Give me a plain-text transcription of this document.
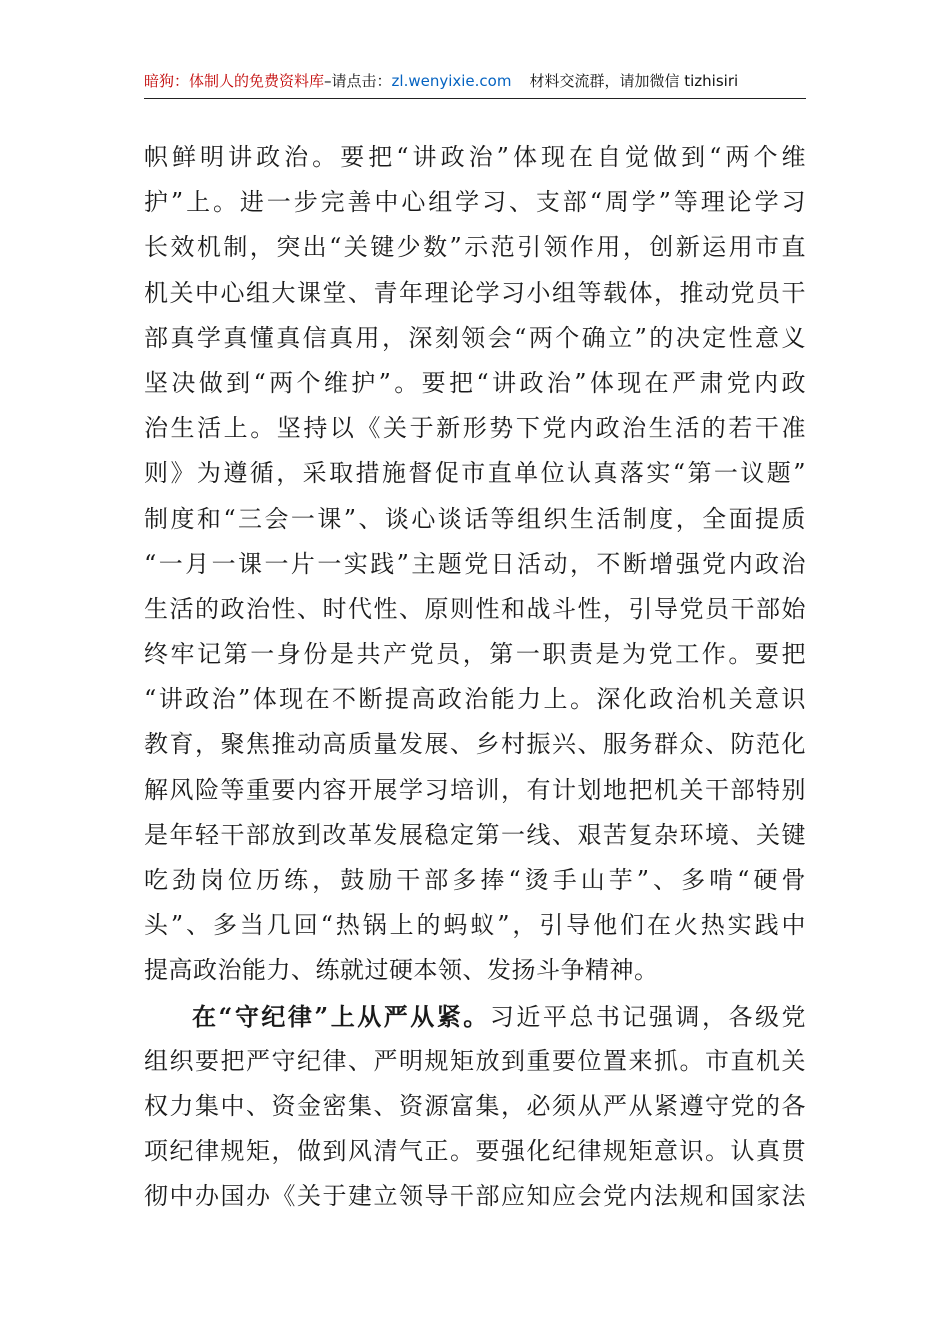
暗狗：体制人的免费资料库–请点击：zl.wenyixie.com 材料交流群，请加微信 tizhisiri
帜鲜明讲政治。要把“讲政治”体现在自觉做到“两个维
护”上。进一步完善中心组学习、支部“周学”等理论学习
长效机制，突出“关键少数”示范引领作用，创新运用市直
机关中心组大课堂、青年理论学习小组等载体，推动党员干
部真学真懂真信真用，深刻领会“两个确立”的决定性意义
坚决做到“两个维护”。要把“讲政治”体现在严肃党内政
治生活上。坚持以《关于新形势下党内政治生活的若干准
则》为遵循，采取措施督促市直单位认真落实“第一议题”
制度和“三会一课”、谈心谈话等组织生活制度，全面提质
“一月一课一片一实践”主题党日活动，不断增强党内政治
生活的政治性、时代性、原则性和战斗性，引导党员干部始
终牢记第一身份是共产党员，第一职责是为党工作。要把
“讲政治”体现在不断提高政治能力上。深化政治机关意识
教育，聚焦推动高质量发展、乡村振兴、服务群众、防范化
解风险等重要内容开展学习培训，有计划地把机关干部特别
是年轻干部放到改革发展稳定第一线、艰苦复杂环境、关键
吃劲岗位历练，鼓励干部多捧“烫手山芋”、多啃“硬骨
头”、多当几回“热锅上的蚂蚁”，引导他们在火热实践中
提高政治能力、练就过硬本领、发扬斗争精神。
在“守纪律”上从严从紧。习近平总书记强调，各级党
组织要把严守纪律、严明规矩放到重要位置来抓。市直机关
权力集中、资金密集、资源富集，必须从严从紧遵守党的各
项纪律规矩，做到风清气正。要强化纪律规矩意识。认真贯
彻中办国办《关于建立领导干部应知应会党内法规和国家法
